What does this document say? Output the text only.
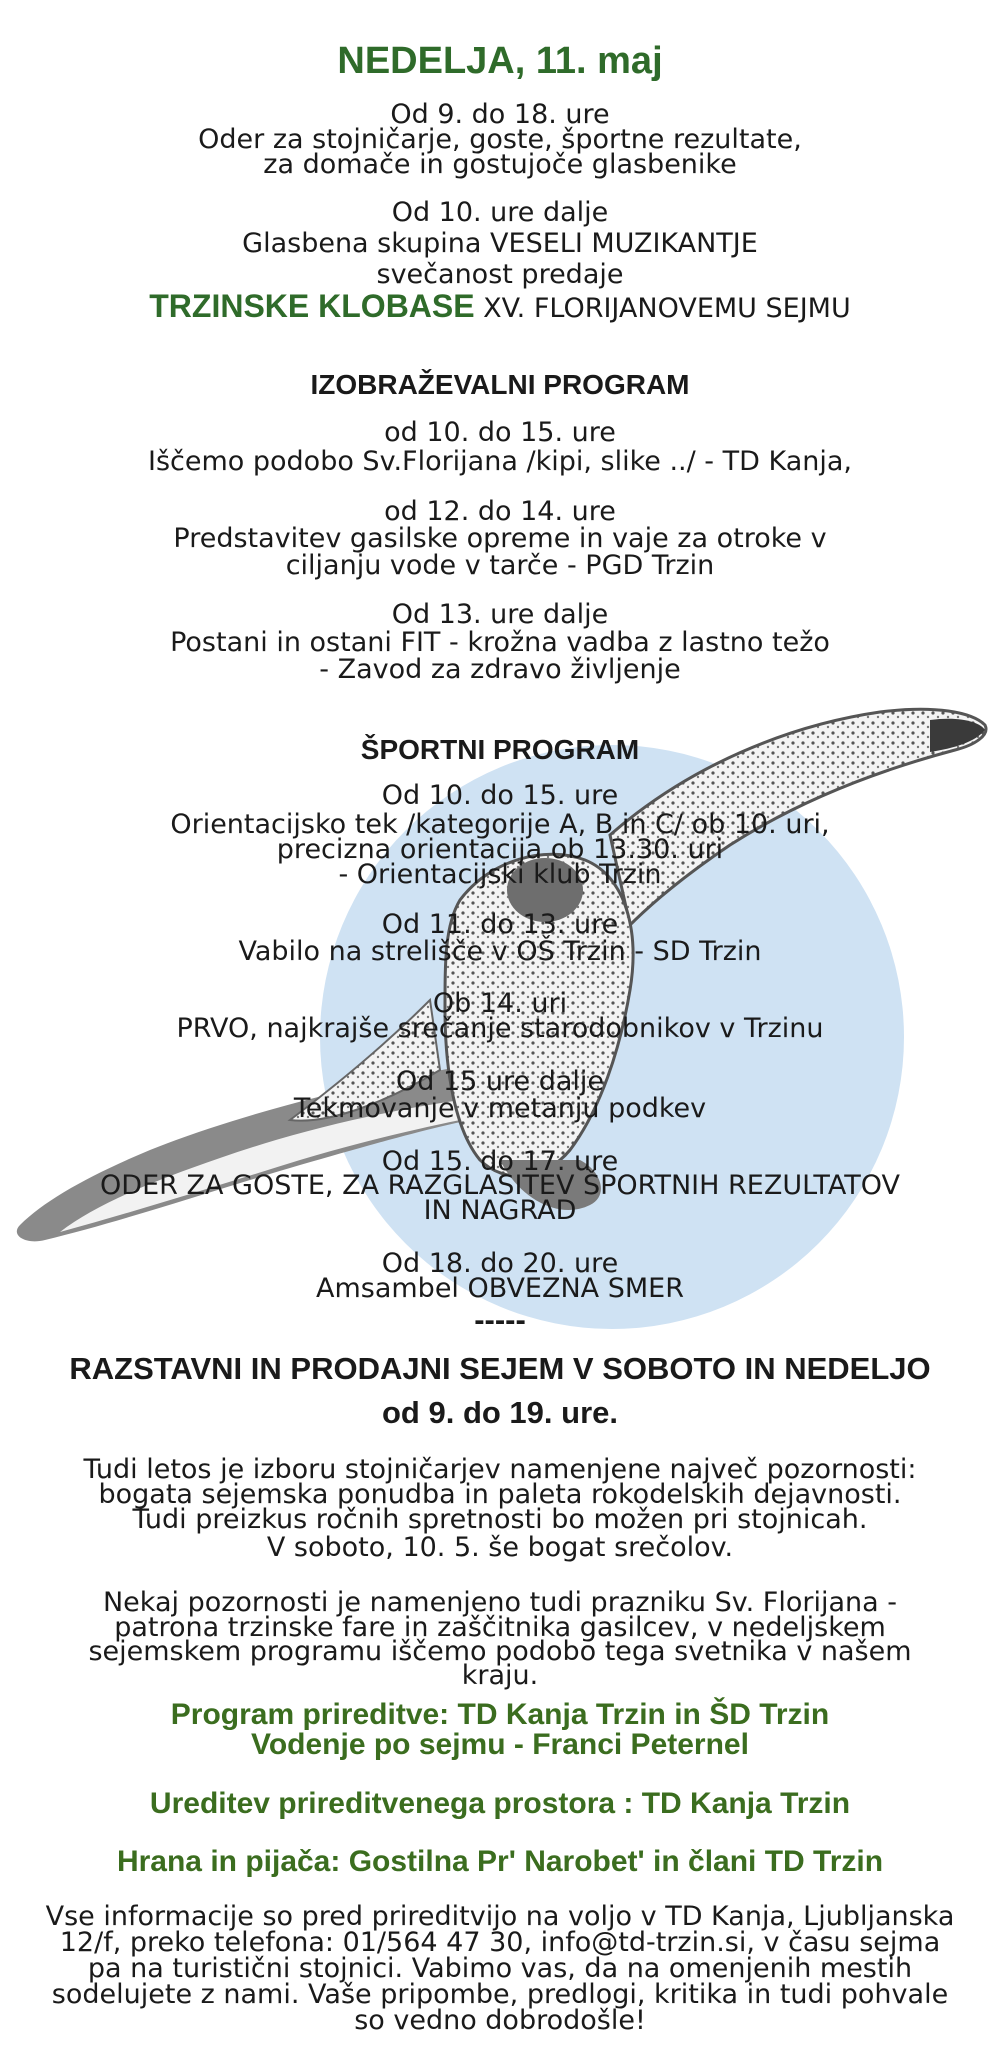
NEDELJA, 11. maj
Od 9. do 18. ure
Oder za stojničarje, goste, športne rezultate,
za domače in gostujoče glasbenike
Od 10. ure dalje
Glasbena skupina VESELI MUZIKANTJE
svečanost predaje
TRZINSKE KLOBASE XV. FLORIJANOVEMU SEJMU
IZOBRAŽEVALNI PROGRAM
od 10. do 15. ure
Iščemo podobo Sv.Florijana /kipi, slike ../ - TD Kanja,
od 12. do 14. ure
Predstavitev gasilske opreme in vaje za otroke v
ciljanju vode v tarče - PGD Trzin
Od 13. ure dalje
Postani in ostani FIT - krožna vadba z lastno težo
- Zavod za zdravo življenje
ŠPORTNI PROGRAM
Od 10. do 15. ure
Orientacijsko tek /kategorije A, B in C/ ob 10. uri,
precizna orientacija ob 13.30. uri
- Orientacijski klub Trzin
Od 11. do 13. ure
Vabilo na strelišče v OŠ Trzin - SD Trzin
Ob 14. uri
PRVO, najkrajše srečanje starodobnikov v Trzinu
Od 15 ure dalje
Tekmovanje v metanju podkev
Od 15. do 17. ure
ODER ZA GOSTE, ZA RAZGLASITEV ŠPORTNIH REZULTATOV
IN NAGRAD
Od 18. do 20. ure
Amsambel OBVEZNA SMER
-----
RAZSTAVNI IN PRODAJNI SEJEM V SOBOTO IN NEDELJO
od 9. do 19. ure.
Tudi letos je izboru stojničarjev namenjene največ pozornosti:
bogata sejemska ponudba in paleta rokodelskih dejavnosti.
Tudi preizkus ročnih spretnosti bo možen pri stojnicah.
V soboto, 10. 5. še bogat srečolov.
Nekaj pozornosti je namenjeno tudi prazniku Sv. Florijana -
patrona trzinske fare in zaščitnika gasilcev, v nedeljskem
sejemskem programu iščemo podobo tega svetnika v našem
kraju.
Program prireditve: TD Kanja Trzin in ŠD Trzin
Vodenje po sejmu - Franci Peternel
Ureditev prireditvenega prostora : TD Kanja Trzin
Hrana in pijača: Gostilna Pr' Narobet' in člani TD Trzin
Vse informacije so pred prireditvijo na voljo v TD Kanja, Ljubljanska
12/f, preko telefona: 01/564 47 30, info@td-trzin.si, v času sejma
pa na turistični stojnici. Vabimo vas, da na omenjenih mestih
sodelujete z nami. Vaše pripombe, predlogi, kritika in tudi pohvale
so vedno dobrodošle!
